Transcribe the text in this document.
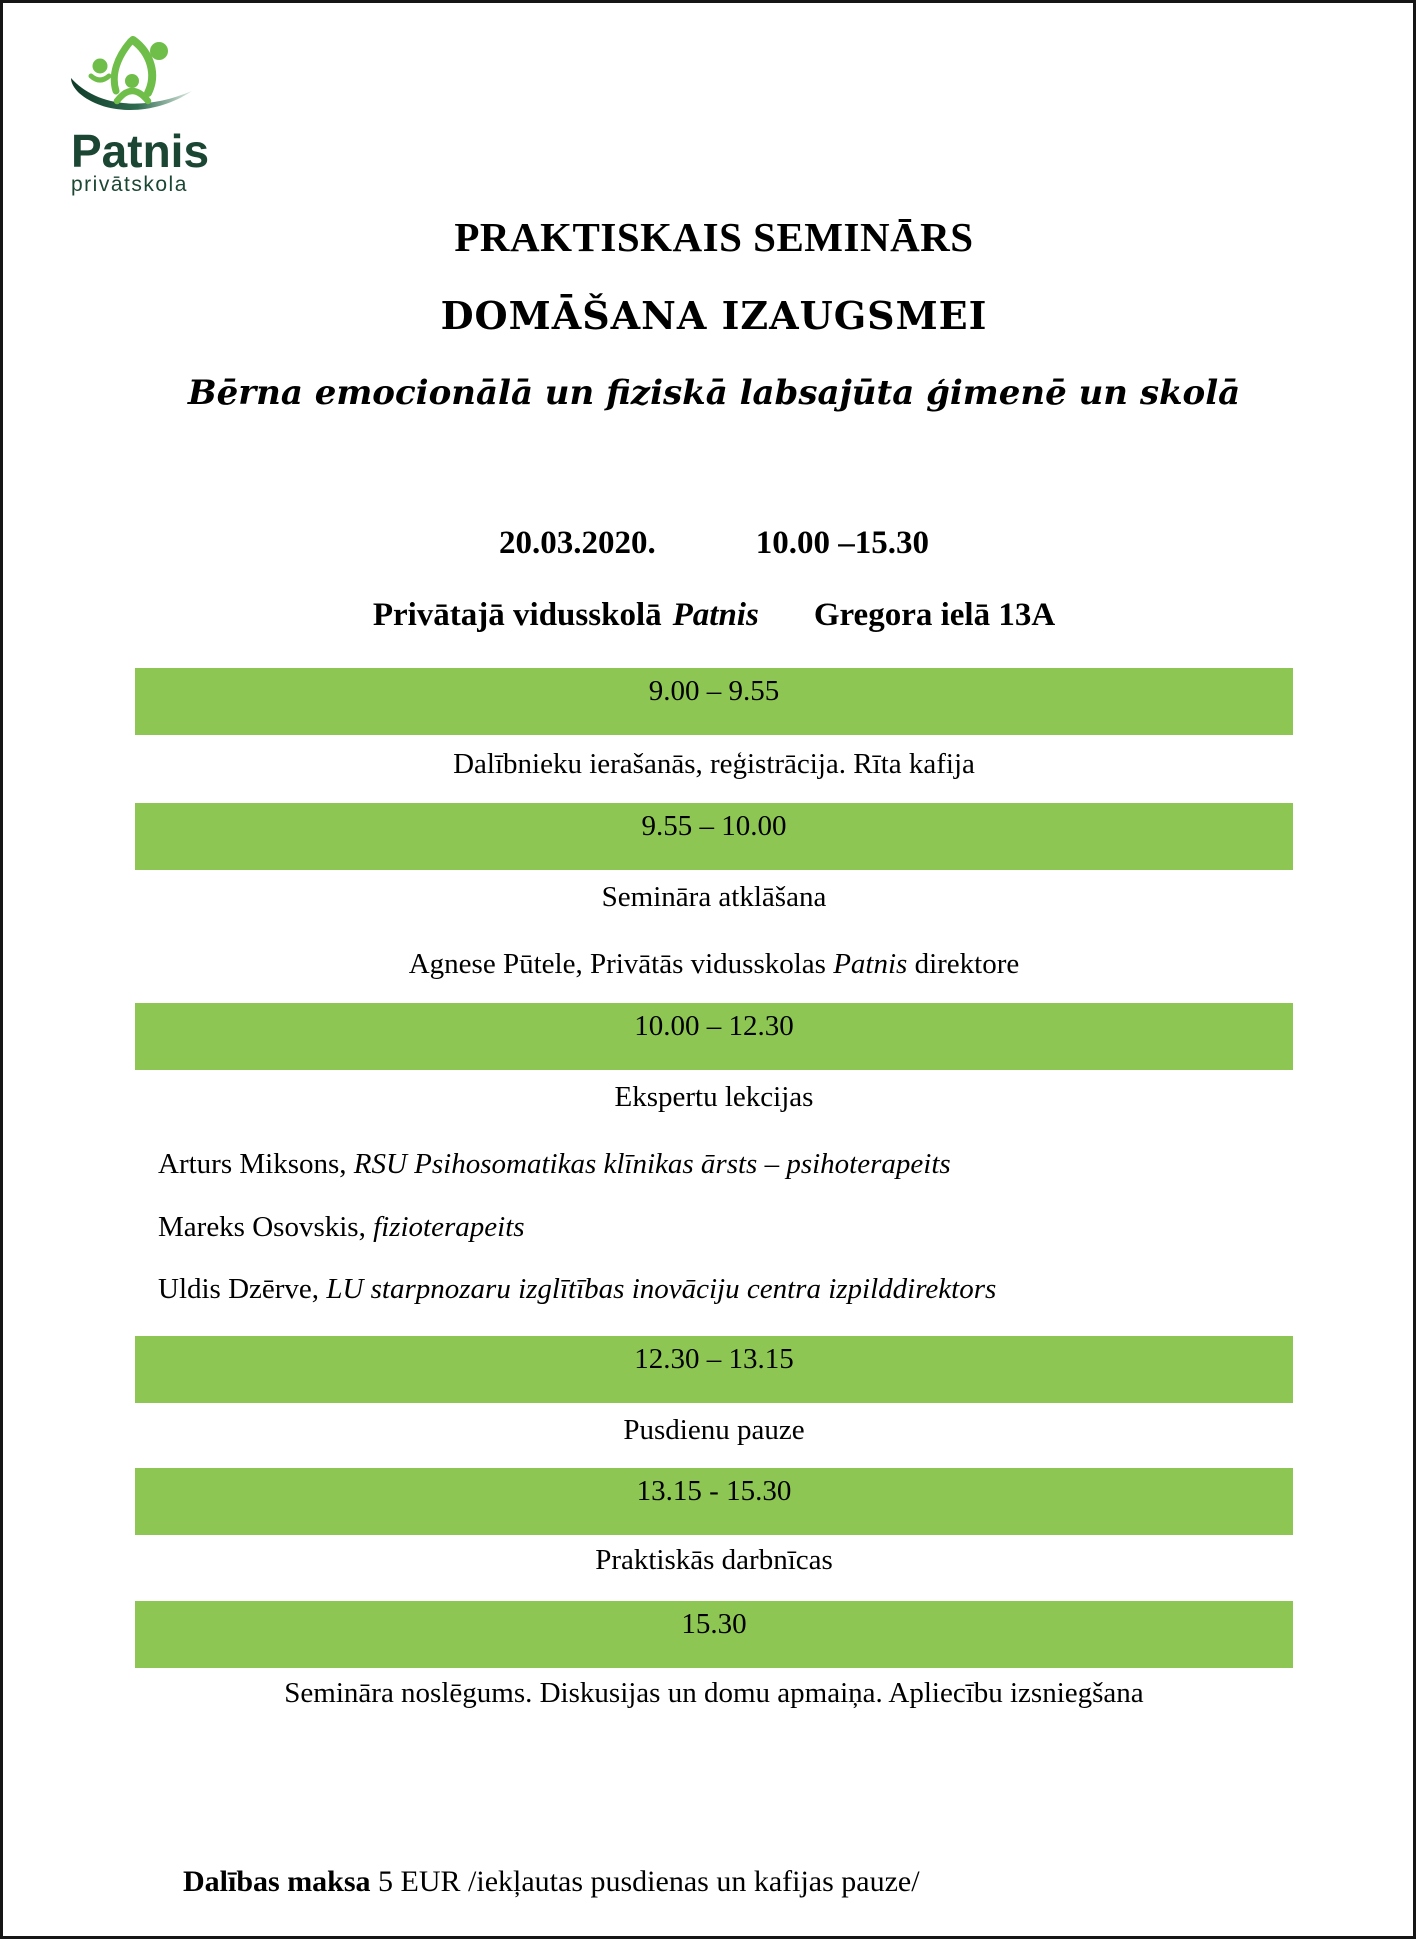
Patnis
privātskola
PRAKTISKAIS SEMINĀRS
DOMĀŠANA IZAUGSMEI
Bērna emocionālā un fiziskā labsajūta ģimenē un skolā
20.03.2020.	10.00 –15.30
Privātajā vidusskolā Patnis Gregora ielā 13A
9.00 – 9.55
Dalībnieku ierašanās, reģistrācija. Rīta kafija
9.55 – 10.00
Semināra atklāšana
Agnese Pūtele, Privātās vidusskolas Patnis direktore
10.00 – 12.30
Ekspertu lekcijas
Arturs Miksons, RSU Psihosomatikas klīnikas ārsts – psihoterapeits
Mareks Osovskis, fizioterapeits
Uldis Dzērve, LU starpnozaru izglītības inovāciju centra izpilddirektors
12.30 – 13.15
Pusdienu pauze
13.15 - 15.30
Praktiskās darbnīcas
15.30
Semināra noslēgums. Diskusijas un domu apmaiņa. Apliecību izsniegšana
Dalības maksa 5 EUR /iekļautas pusdienas un kafijas pauze/
